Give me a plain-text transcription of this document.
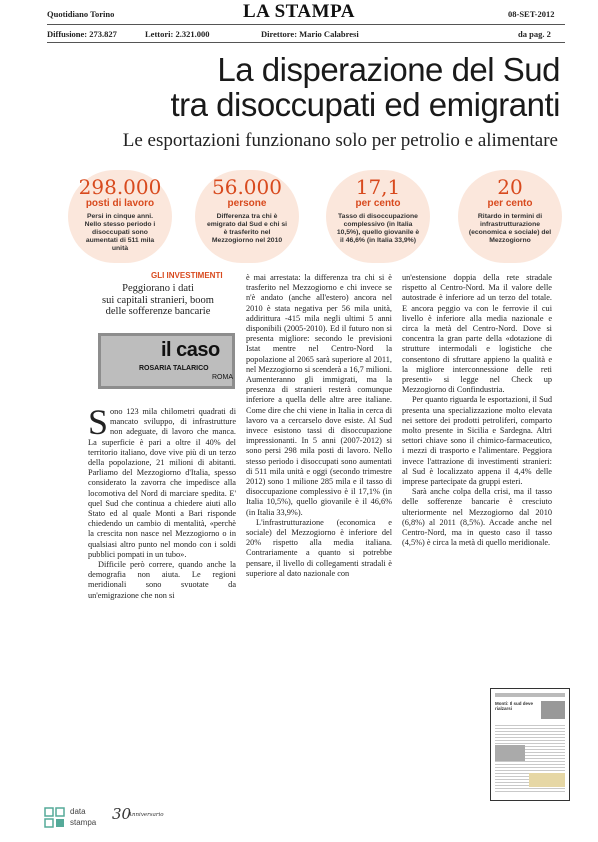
Quotidiano Torino	LA STAMPA	08-SET-2012
Diffusione: 273.827	Lettori: 2.321.000	Direttore: Mario Calabresi	da pag. 2
La disperazione del Sud
tra disoccupati ed emigranti
Le esportazioni funzionano solo per petrolio e alimentare
298.000
posti di lavoro
Persi in cinque anni. Nello stesso periodo i disoccupati sono aumentati di 511 mila unità
56.000
persone
Differenza tra chi è emigrato dal Sud e chi si è trasferito nel Mezzogiorno nel 2010
17,1
per cento
Tasso di disoccupazione complessivo (in Italia 10,5%), quello giovanile è il 46,6% (in Italia 33,9%)
20
per cento
Ritardo in termini di infrastrutturazione (economica e sociale) del Mezzogiorno
GLI INVESTIMENTI
Peggiorano i dati
sui capitali stranieri, boom
delle sofferenze bancarie
il caso
ROSARIA TALARICO
ROMA
Sono 123 mila chilometri quadrati di mancato sviluppo, di infrastrutture non adeguate, di lavoro che manca. La superficie è pari a oltre il 40% del territorio italiano, dove vive più di un terzo della popolazione, 21 milioni di abitanti. Parliamo del Mezzogiorno d'Italia, spesso considerato la zavorra che impedisce alla locomotiva del Nord di marciare spedita. E' quel Sud che continua a chiedere aiuti allo Stato ed al quale Monti a Bari risponde chiedendo un cambio di mentalità, «perchè la crescita non nasce nel Mezzogiorno o in qualsiasi altro punto nel mondo con i soldi pubblici pompati in un tubo».

Difficile però correre, quando anche la demografia non aiuta. Le regioni meridionali sono svuotate da un'emigrazione che non si

è mai arrestata: la differenza tra chi si è trasferito nel Mezzogiorno e chi invece se n'è andato (anche all'estero) ancora nel 2010 è stata negativa per 56 mila unità, addirittura -415 mila negli ultimi 5 anni disponibili (2005-2010). Ed il futuro non si presenta migliore: secondo le previsioni Istat mentre nel Centro-Nord la popolazione al 2065 sarà superiore al 2011, nel Mezzogiorno si scenderà a 16,7 milioni. Aumenteranno gli immigrati, ma la presenza di stranieri resterà comunque inferiore a quella delle altre aree italiane. Come dire che chi viene in Italia in cerca di lavoro va a cercarselo dove esiste. Al Sud invece esistono tassi di disoccupazione impressionanti. In 5 anni (2007-2012) si sono persi 298 mila posti di lavoro. Nello stesso periodo i disoccupati sono aumentati di 511 mila unità e oggi (secondo trimestre 2012) sono 1 milione 285 mila e il tasso di disoccupazione complessivo è il 17,1% (in Italia 10,5%), quello giovanile è il 46,6% (in Italia 33,9%).

L'infrastrutturazione (economica e sociale) del Mezzogiorno è inferiore del 20% rispetto alla media italiana. Contrariamente a quanto si potrebbe pensare, il livello di collegamenti stradali è superiore al dato nazionale con

un'estensione doppia della rete stradale rispetto al Centro-Nord. Ma il valore delle autostrade è inferiore ad un terzo del totale. E ancora peggio va con le ferrovie il cui livello è inferiore alla media nazionale e circa la metà del Centro-Nord. Dove si concentra la gran parte della «dotazione di strutture intermodali e logistiche che consentono di sfruttare appieno la qualità e la migliore interconnessione delle reti presenti» si legge nel Check up Mezzogiorno di Confindustria.

Per quanto riguarda le esportazioni, il Sud presenta una specializzazione molto elevata nei settore dei prodotti petroliferi, comparto molto presente in Sicilia e Sardegna. Altri settori chiave sono il chimico-farmaceutico, i mezzi di trasporto e l'alimentare. Peggiora invece l'attrazione di investimenti stranieri: al Sud è localizzato appena il 4,4% delle imprese partecipate da gruppi esteri.

Sarà anche colpa della crisi, ma il tasso delle sofferenze bancarie è cresciuto ulteriormente nel Mezzogiorno dal 2010 (6,8%) al 2011 (8,5%). Accade anche nel Centro-Nord, ma in questo caso il tasso (4,5%) è circa la metà di quello meridionale.

Monti: Il sud deve rialzarsi
data
stampa 30
Anniversario
